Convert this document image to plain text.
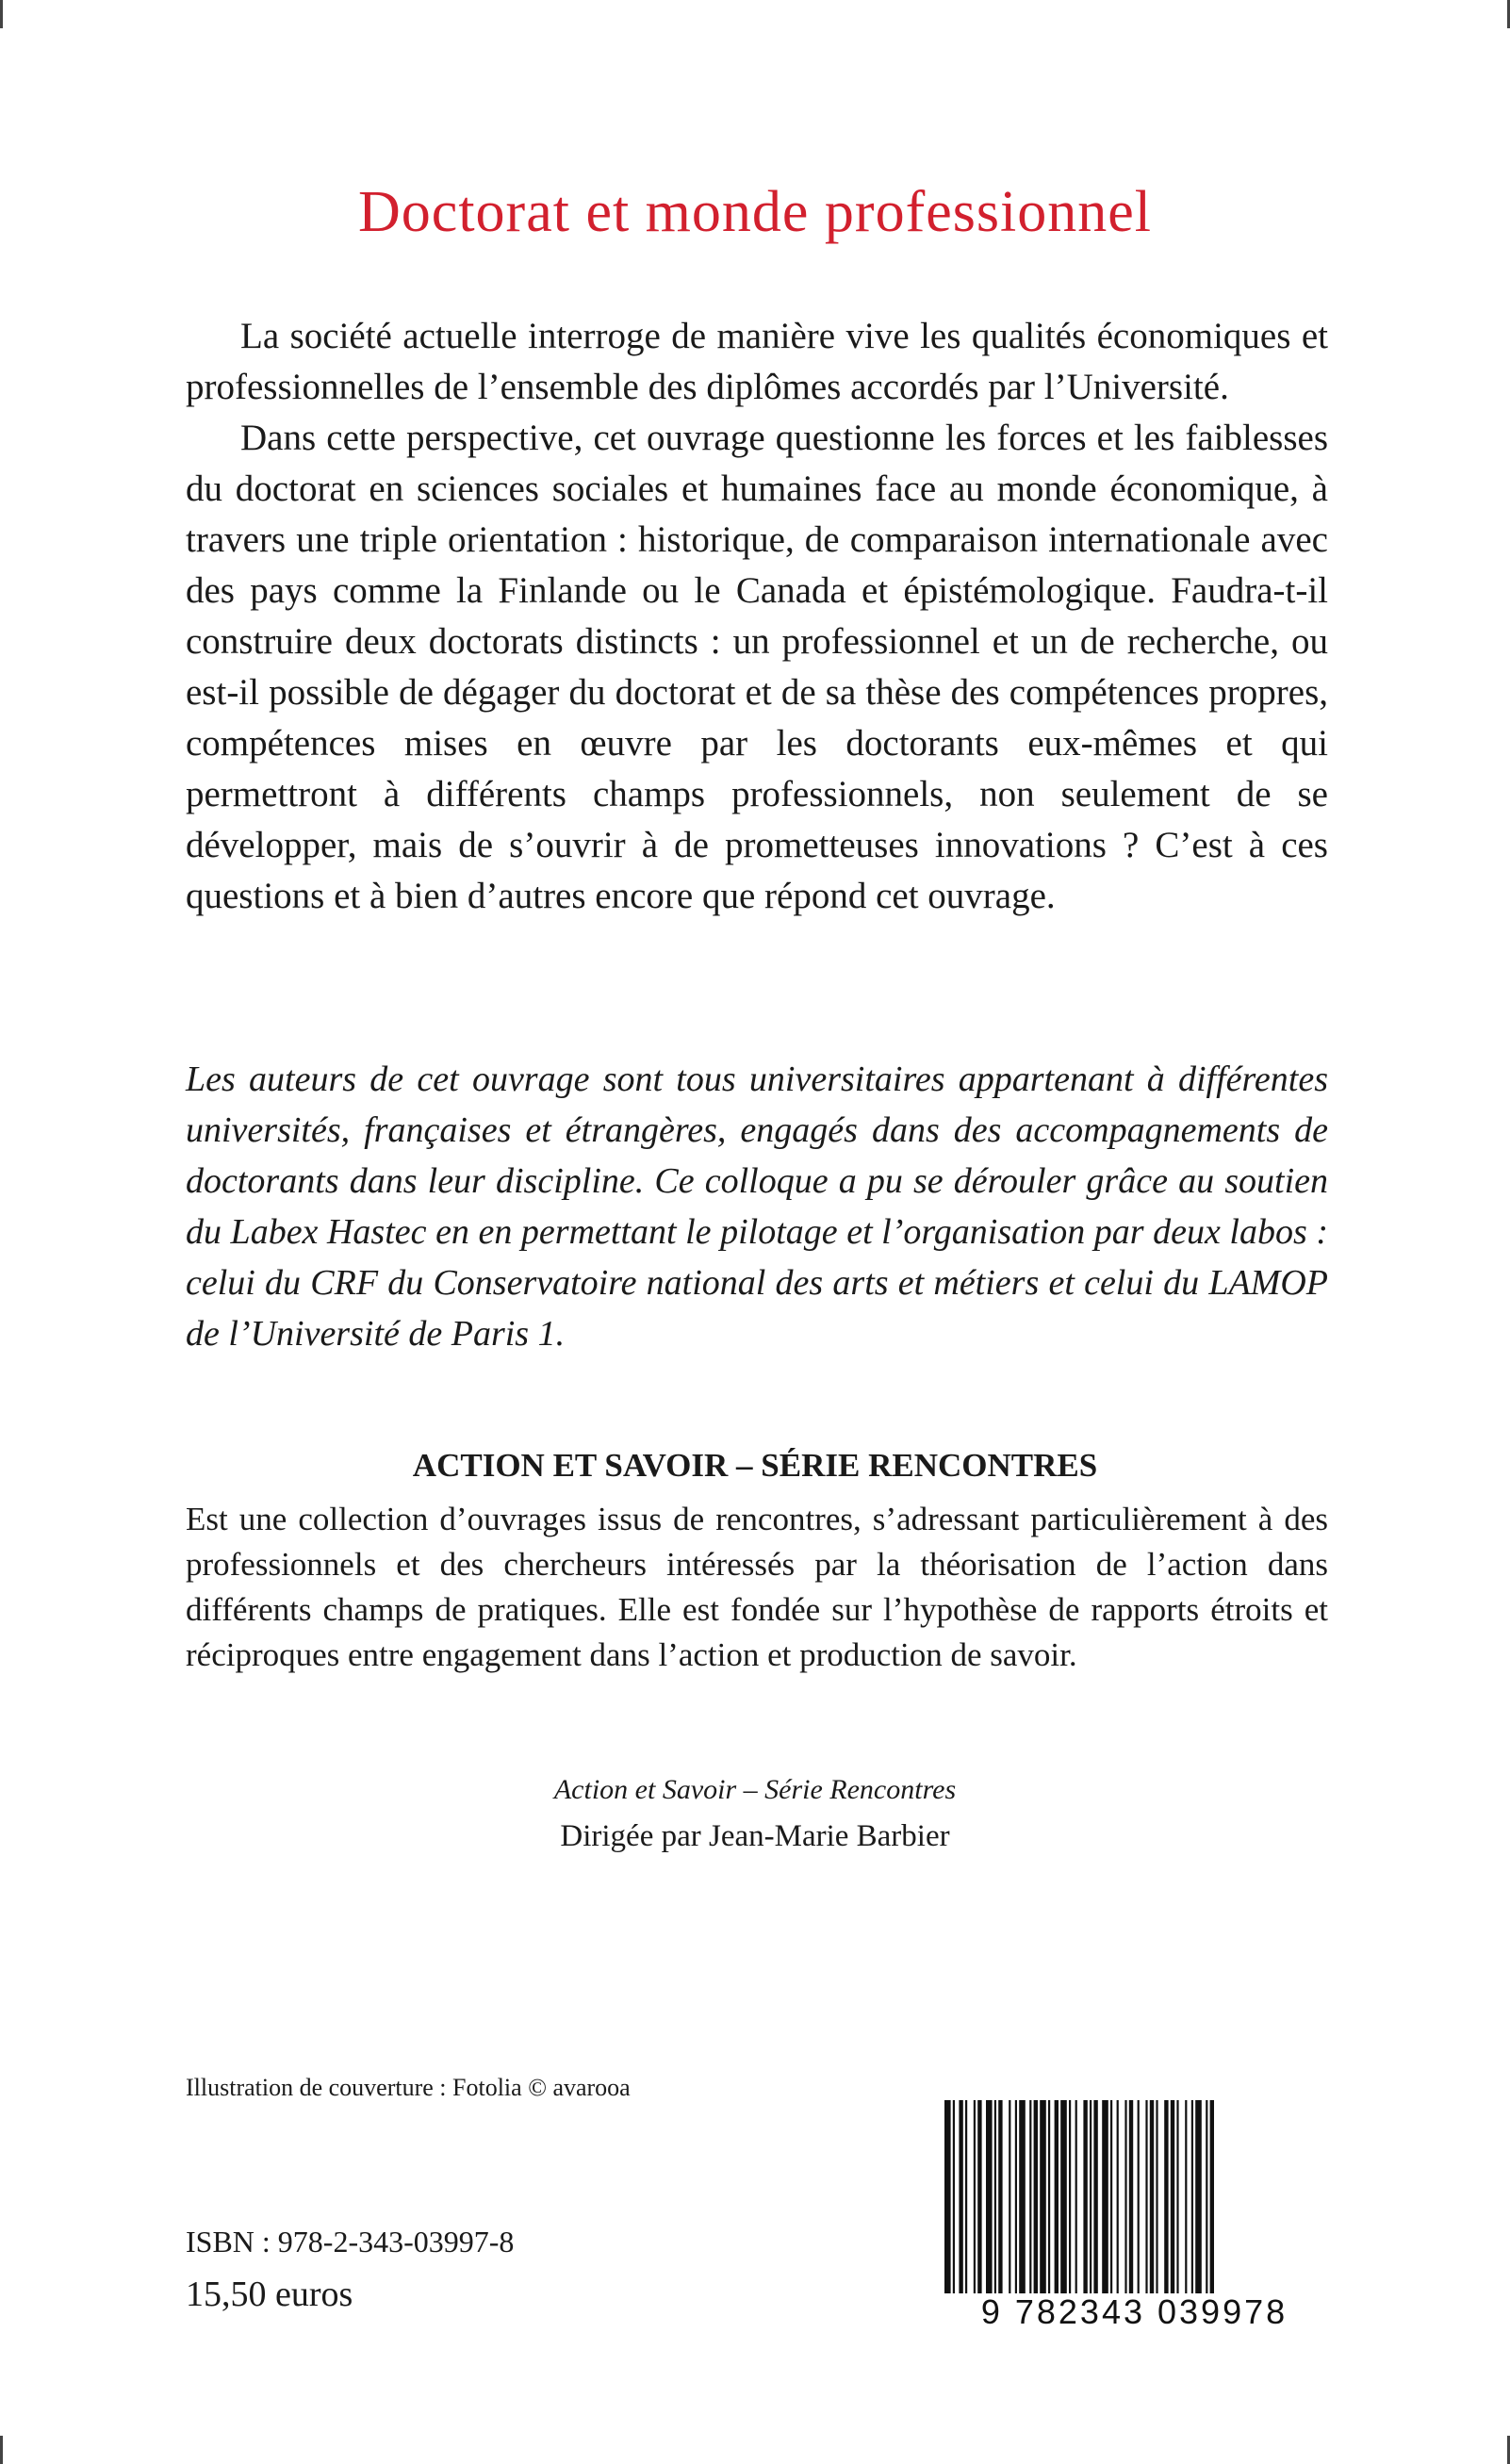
Doctorat et monde professionnel

La société actuelle interroge de manière vive les qualités économiques et professionnelles de l’ensemble des diplômes accordés par l’Université.

Dans cette perspective, cet ouvrage questionne les forces et les faiblesses du doctorat en sciences sociales et humaines face au monde économique, à travers une triple orientation : historique, de comparaison internationale avec des pays comme la Finlande ou le Canada et épistémologique. Faudra-t-il construire deux doctorats distincts : un professionnel et un de recherche, ou est-il possible de dégager du doctorat et de sa thèse des compétences propres, compétences mises en œuvre par les doctorants eux-mêmes et qui permettront à différents champs professionnels, non seulement de se développer, mais de s’ouvrir à de prometteuses innovations ? C’est à ces questions et à bien d’autres encore que répond cet ouvrage.

Les auteurs de cet ouvrage sont tous universitaires appartenant à différentes universités, françaises et étrangères, engagés dans des accompagnements de doctorants dans leur discipline. Ce colloque a pu se dérouler grâce au soutien du Labex Hastec en en permettant le pilotage et l’organisation par deux labos : celui du CRF du Conservatoire national des arts et métiers et celui du LAMOP de l’Université de Paris 1.

ACTION ET SAVOIR – SÉRIE RENCONTRES

Est une collection d’ouvrages issus de rencontres, s’adressant particulièrement à des professionnels et des chercheurs intéressés par la théorisation de l’action dans différents champs de pratiques. Elle est fondée sur l’hypothèse de rapports étroits et réciproques entre engagement dans l’action et production de savoir.

Action et Savoir – Série Rencontres

Dirigée par Jean-Marie Barbier

Illustration de couverture : Fotolia © avarooa

ISBN : 978-2-343-03997-8

15,50 euros	9 782343 039978
